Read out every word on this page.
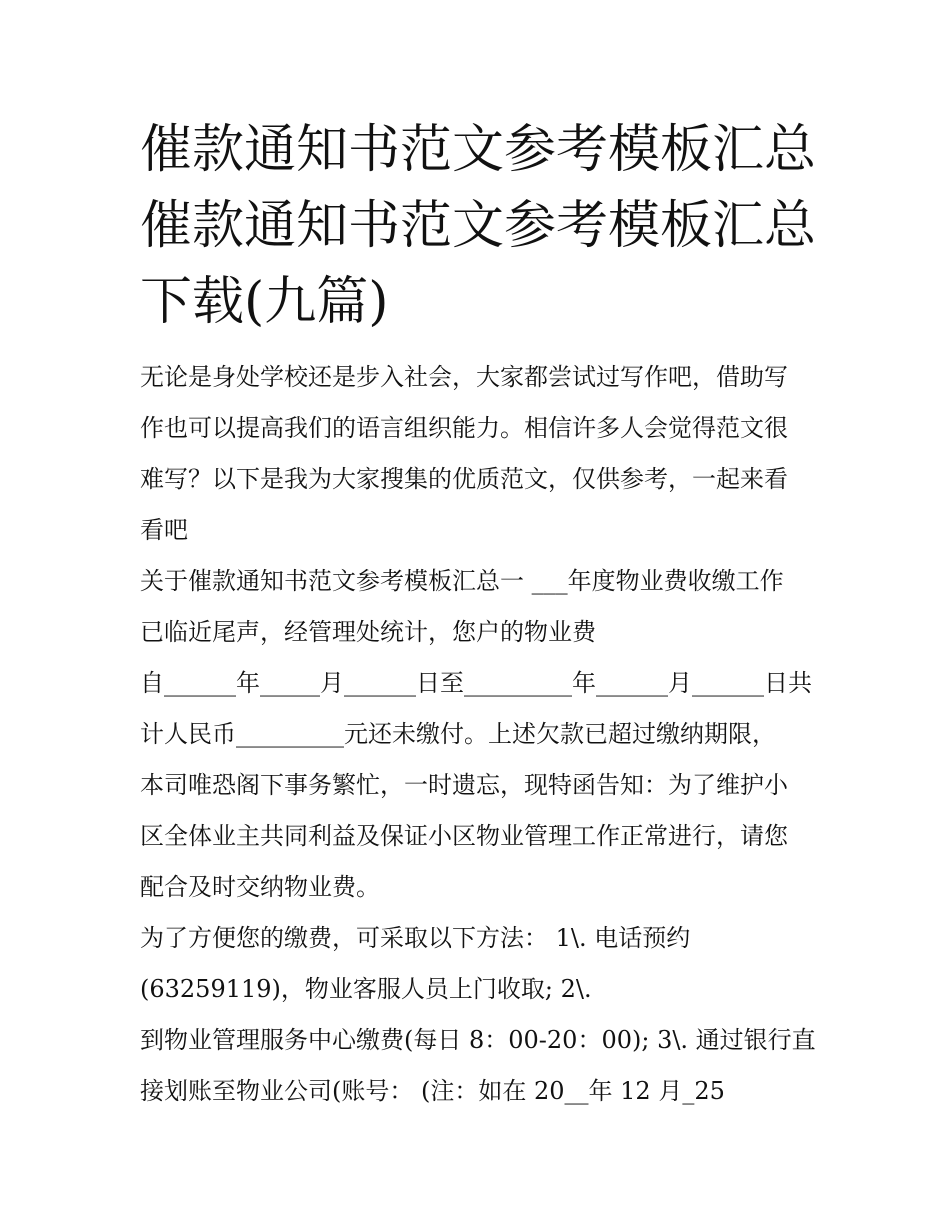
催款通知书范文参考模板汇总
催款通知书范文参考模板汇总
下载(九篇)
无论是身处学校还是步入社会，大家都尝试过写作吧，借助写
作也可以提高我们的语言组织能力。相信许多人会觉得范文很
难写？以下是我为大家搜集的优质范文，仅供参考，一起来看
看吧
关于催款通知书范文参考模板汇总一 ___年度物业费收缴工作
已临近尾声，经管理处统计，您户的物业费
自______年_____月______日至_________年______月______日共
计人民币_________元还未缴付。上述欠款已超过缴纳期限，
本司唯恐阁下事务繁忙，一时遗忘，现特函告知：为了维护小
区全体业主共同利益及保证小区物业管理工作正常进行，请您
配合及时交纳物业费。
为了方便您的缴费，可采取以下方法： 1\. 电话预约
(63259119)，物业客服人员上门收取; 2\.
到物业管理服务中心缴费(每日 8：00-20：00); 3\. 通过银行直
接划账至物业公司(账号： (注：如在 20__年 12 月_25
